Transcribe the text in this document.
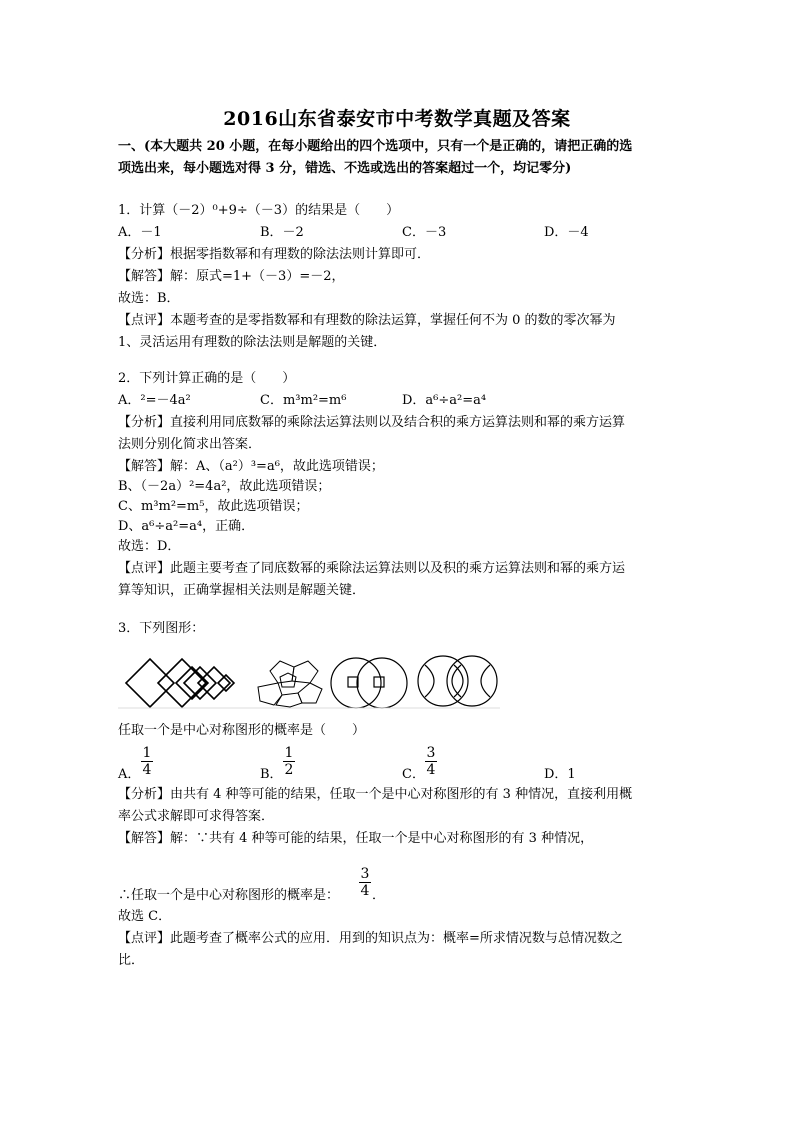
2016山东省泰安市中考数学真题及答案
一、(本大题共 20 小题，在每小题给出的四个选项中，只有一个是正确的，请把正确的选
项选出来，每小题选对得 3 分，错选、不选或选出的答案超过一个，均记零分)
1．计算（－2）⁰+9÷（－3）的结果是（　　）
A．－1	B．－2	C．－3	D．－4
【分析】根据零指数幂和有理数的除法法则计算即可．
【解答】解：原式=1+（－3）=－2，
故选：B．
【点评】本题考查的是零指数幂和有理数的除法运算，掌握任何不为 0 的数的零次幂为
1、灵活运用有理数的除法法则是解题的关键．
2．下列计算正确的是（　　）
A．²=－4a²	C．m³m²=m⁶	D．a⁶÷a²=a⁴
【分析】直接利用同底数幂的乘除法运算法则以及结合积的乘方运算法则和幂的乘方运算
法则分别化简求出答案．
【解答】解：A、（a²）³=a⁶，故此选项错误；
B、（－2a）²=4a²，故此选项错误；
C、m³m²=m⁵，故此选项错误；
D、a⁶÷a²=a⁴，正确．
故选：D．
【点评】此题主要考查了同底数幂的乘除法运算法则以及积的乘方运算法则和幂的乘方运
算等知识，正确掌握相关法则是解题关键．
3．下列图形：
任取一个是中心对称图形的概率是（　　）
A．
1
4	B．
1
2	C．
3
4	D．1
【分析】由共有 4 种等可能的结果，任取一个是中心对称图形的有 3 种情况，直接利用概
率公式求解即可求得答案．
【解答】解：∵共有 4 种等可能的结果，任取一个是中心对称图形的有 3 种情况，
∴任取一个是中心对称图形的概率是：
3
4 ．
故选 C．
【点评】此题考查了概率公式的应用．用到的知识点为：概率=所求情况数与总情况数之
比．
